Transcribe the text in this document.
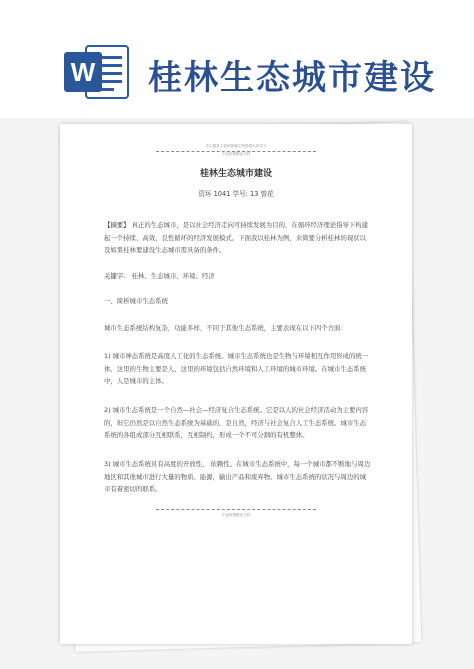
W 桂林生态城市建设
学人极复了如何独稿文档资源大家学习
专业收集精品文档
桂林生态城市建设
资环 1041 学号: 13 曾花
【摘要】 真正的生态城市，是以社会经济走向可持续发展为目的，在循环经济理论指导下构建起一个持续、高效、良性循环的经济发展模式。下面我以桂林为例，来简要分析桂林的现状以及如果桂林要建设生态城市需具备的条件。
关键字： 桂林、生态城市、环境、经济
一、简析城市生态系统
城市生态系统结构复杂，功能多样，不同于其他生态系统，主要表现在以下四个方面：
1) 城市神态系统是高度人工化的生态系统。城市生态系统也是生物与环境相互作用形成的统一体，这里的生物主要是人，这里的环境包括自然环境和人工环境的城市环境。在城市生态系统中，人是城市的主体。
2) 城市生态系统是一个自然—社会—经济复合生态系统。它是以人的社会经济活动为主要内容的，但它仍然是以自然生态系统为基础的，是自然，经济与社会复合人工生态系统。城市生态系统的各组成部分互相联系，互相制约，形成一个不可分割的有机整体。
3) 城市生态系统具有高度的开放性、 依赖性。在城市生态系统中，每一个城市都不断地与周边地区和其他城市进行大量的物质、能源，输出产品和废弃物。城市生态系统的状况与周边的城市有着密切的联系。
专业收集精品文档
